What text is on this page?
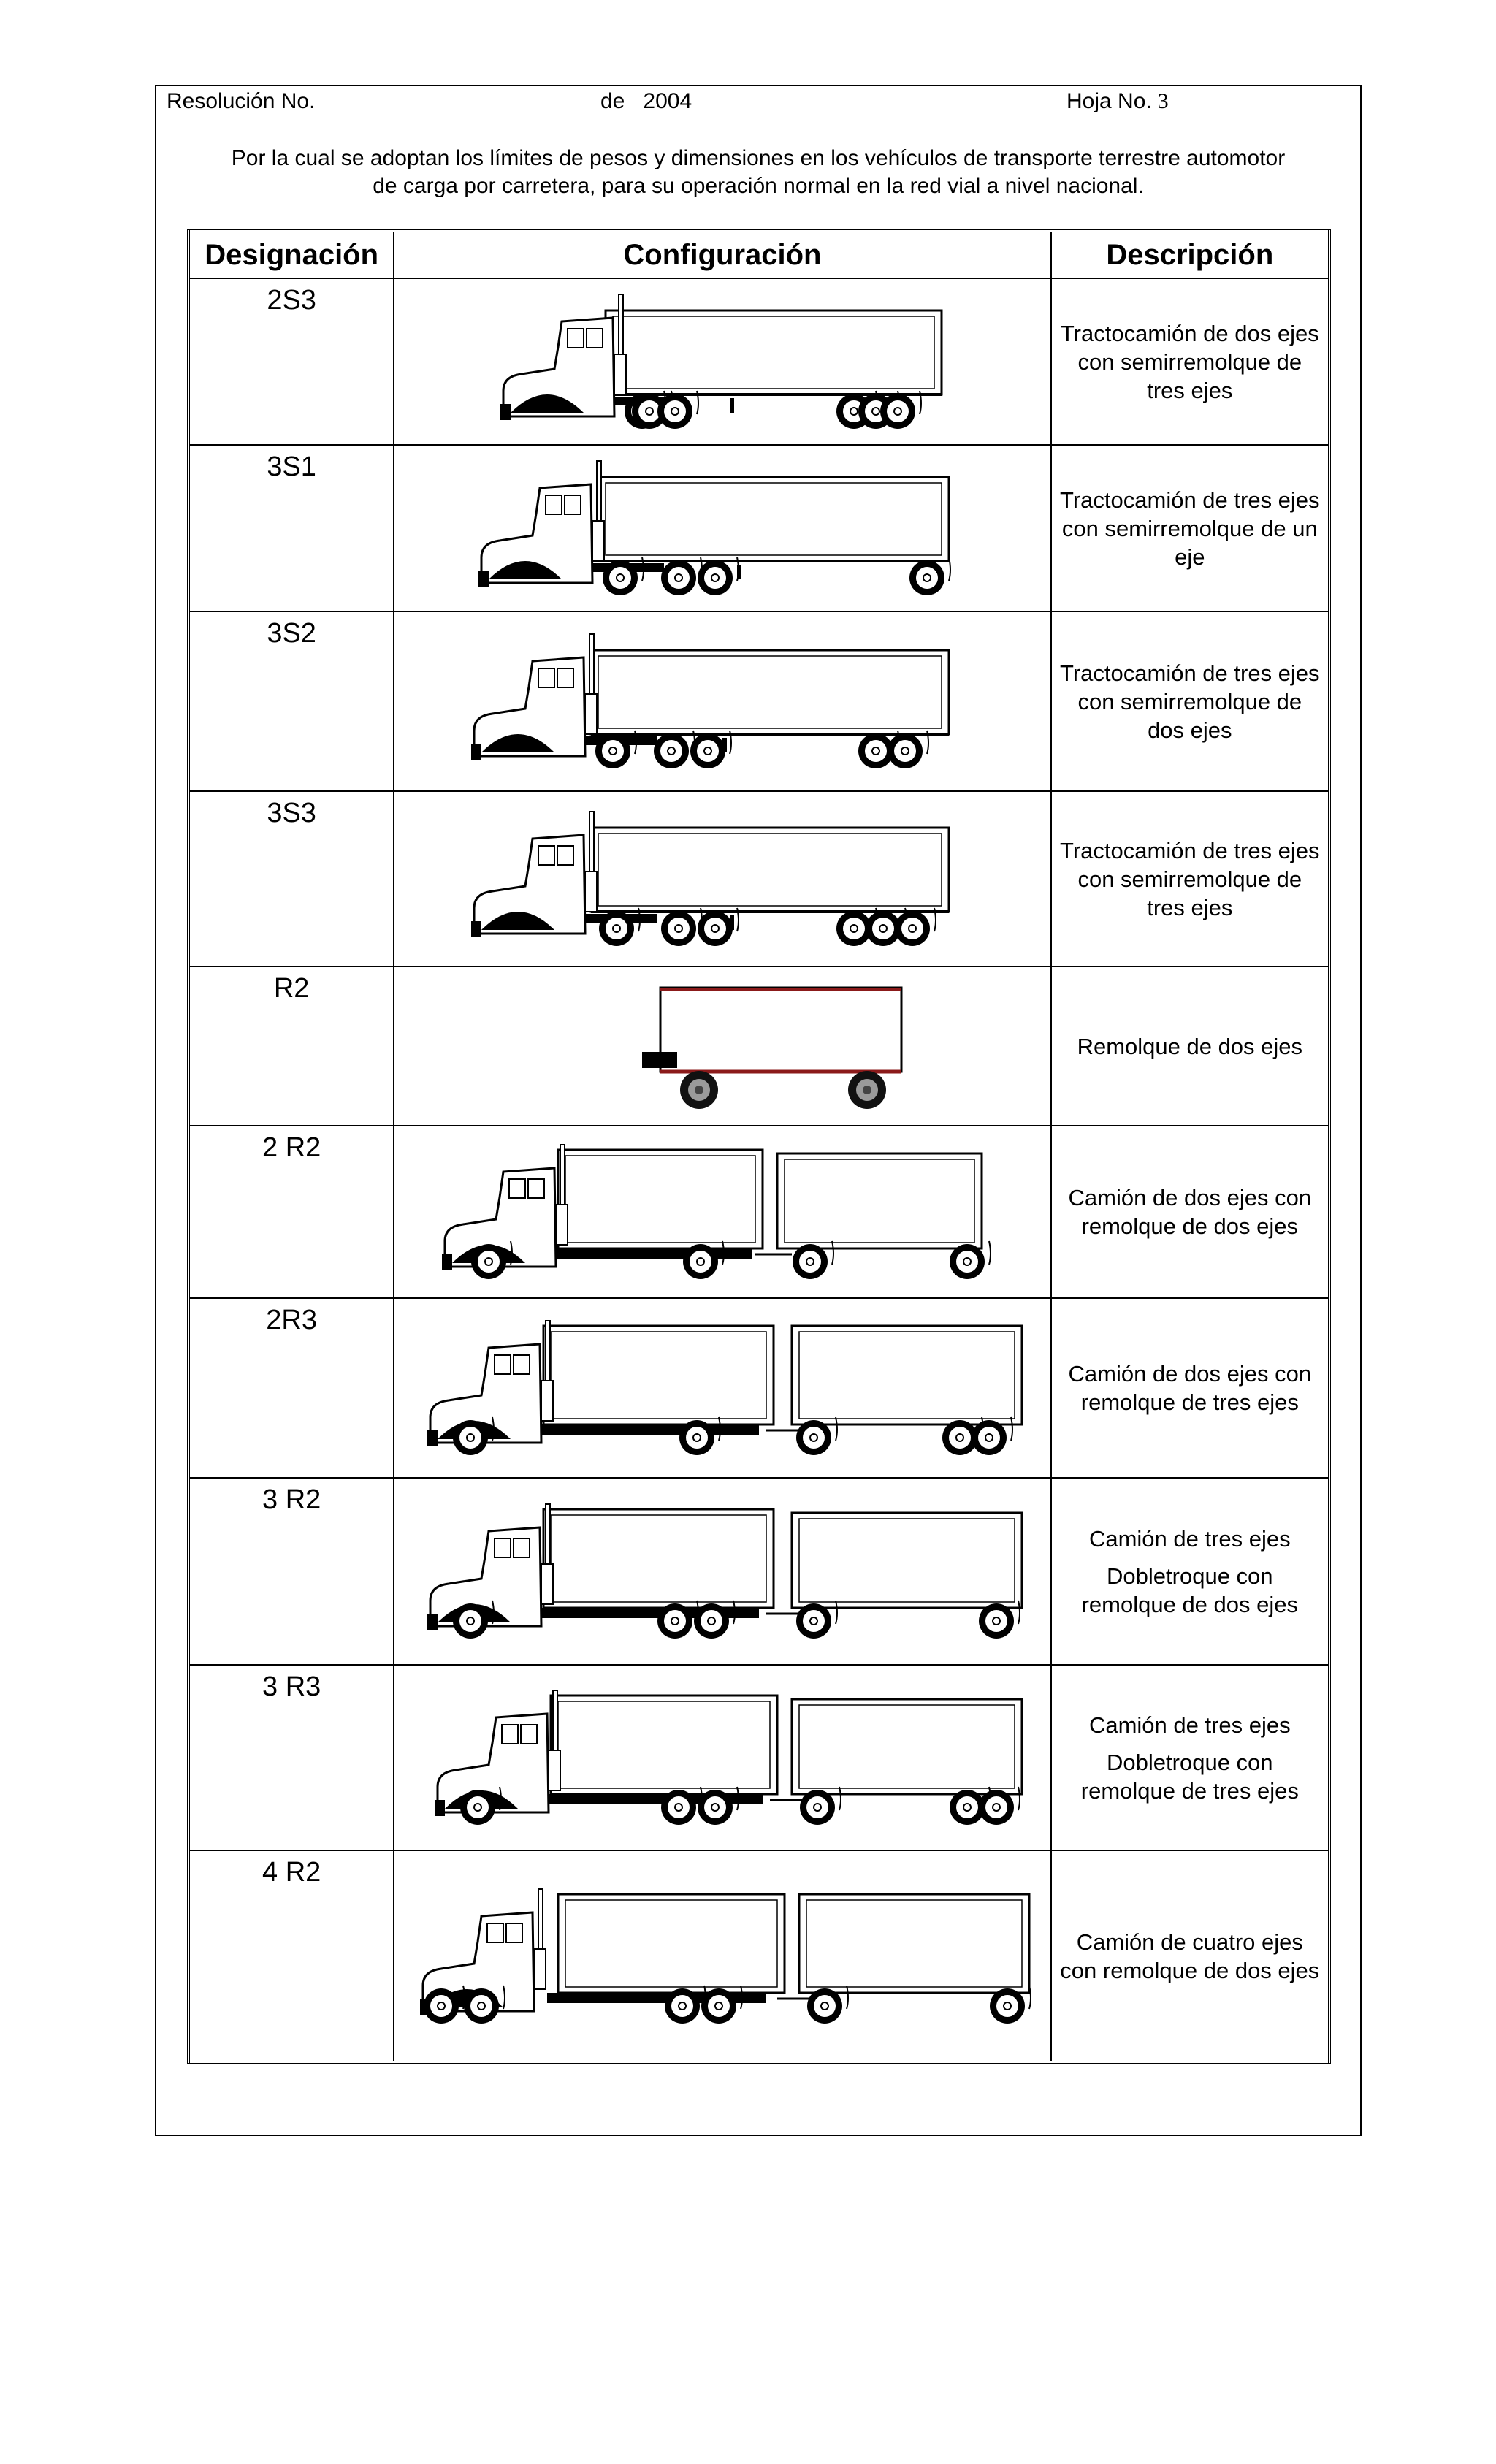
Resolución No.	de 2004	Hoja No. 3
Por la cual se adoptan los límites de pesos y dimensiones en los vehículos de transporte terrestre automotor
de carga por carretera, para su operación normal en la red vial a nivel nacional.
Designación	Configuración	Descripción
2S3		Tractocamión de dos ejes con semirremolque de tres ejes

3S1		Tractocamión de tres ejes con semirremolque de un eje

3S2		Tractocamión de tres ejes con semirremolque de dos ejes

3S3		Tractocamión de tres ejes con semirremolque de tres ejes

R2		Remolque de dos ejes

2 R2		Camión de dos ejes con remolque de dos ejes

2R3		Camión de dos ejes con remolque de tres ejes

3 R2		Camión de tres ejes

Dobletroque con remolque de dos ejes

3 R3		Camión de tres ejes

Dobletroque con remolque de tres ejes

4 R2		Camión de cuatro ejes con remolque de dos ejes
